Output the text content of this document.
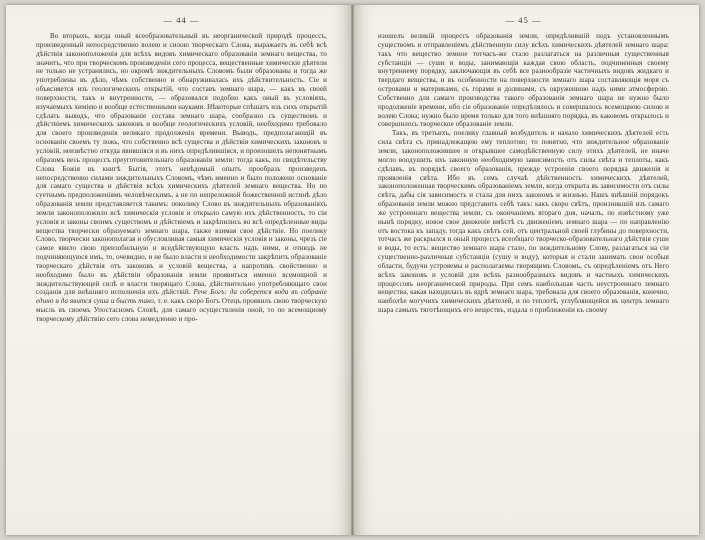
— 44 —

Во вторыхъ, когда оный всеобразовательный въ неорганической природѣ процессъ, произведенный непосредственно волею и силою творческаго Слова, выражаетъ въ себѣ всѣ дѣйствія законоположенія для всѣхъ видовъ химическаго образованія земнаго вещества, то значитъ, что при творческомъ произведеніи сего процесса, вещественные химическіе дѣятели не только не устранялись, но окромѣ зиждительныхъ Словомъ были образованы и тогда же употреблены въ дѣло, чѣмъ собственно и обнаруживалась ихъ дѣйствительность. Сіе и объясняется изъ геологическихъ открытій, что составъ земнаго шара, — какъ въ своей поверхности, такъ и внутренности, — образовался подобно какъ оный въ условіяхъ, изучаемыхъ химіею и вообще естественными науками. Нѣкоторые спѣшатъ изъ сихъ открытій сдѣлать выводъ, что образованіе состава земнаго шара, сообразно съ существомъ и дѣйствіемъ химическихъ законовъ и вообще геологическихъ условій, необходимо требовало для своего произведенія великаго продолженія времени. Выводъ, предполагающій въ основаніи своемъ ту ложь, что собственно всѣ существа и дѣйствія химическихъ законовъ и условій, неизвѣстно откуда явившіяся и въ нихъ опредѣлившіяся, и произошелъ непонятнымъ образомъ весь процессъ преуготовительнаго образованія земли: тогда какъ, по свидѣтельству Слова Божія въ книгѣ Бытія, этотъ невѣдомый опытъ прообразъ произведенъ непосредственно силами зиждительныхъ Словомъ, чѣмъ именно и было положено основаніе для самаго существа и дѣйствія всѣхъ химическихъ дѣятелей земнаго вещества. Но по суетнымъ предположеніямъ человѣческимъ, а не по непреложной божественной истинѣ дѣло образованія земли представляется такимъ: поколику Слово въ зиждительныхъ образованіяхъ земли законоположило всѣ химическія условія и открыло самую ихъ дѣйственность, то сіи условія и законы своимъ существомъ и дѣйствіемъ и закрѣпились во всѣ опредѣленные виды вещества творчески образуемаго земнаго шара, также взимая свое дѣйствіе. Но поелику Слово, творчески законополагая и обусловливая самыя химическія условія и законы, чрезъ сіе самое явило свою преизобильную и вседѣйствующую власть надъ ними, и отнюдь не подчиняющуюся имъ, то, очевидно, и не было власти и необходимости закрѣпить образованіе творческаго дѣйствія отъ законовъ и условій вещества, а напротивъ свойственно и необходимо было въ дѣйствіи образованія земли проявиться именно всемощной и зиждительствующей силѣ и власти творящаго Слова, дѣйствительно употребляющаго свои созданія для внѣшняго исполненія ихъ дѣйствій. Рече Богъ: да соберется вода въ собраніе едино и да явится суша и бысть тако, т. е. какъ скоро Богъ Отецъ проявилъ свою творческую мысль въ своемъ Упостасномъ Словѣ, для самаго осуществленія оной, то по всемощному творческому дѣйствію сего слова немедленно и про-

— 45 —

изошелъ великій процессъ образованія земли, опредѣлившій подъ установленнымъ существомъ и отправленіемъ дѣйственную силу всѣхъ химическихъ дѣятелей земнаго шара: такъ что вещество земное тотчасъ-же стало разлагаться на различныя существенныя субстанціи — суши и воды, занимающія каждая свою область, подчиненныя своему внутреннему порядку, заключающія въ себѣ все разнообразіе частичныхъ видовъ жидкаго и твердаго вещества, и въ особенности на поверхности земнаго шара составляющія моря съ островами и материками, съ горами и долинами, съ окруженною надъ ними атмосферою. Собственно для самаго производства такого образованія земнаго шара не нужно было продолженіе времени, ибо сіе образованіе опредѣлялось и совершалось всемощною силою и волею Слова; нужно было время только для того внѣшняго порядка, въ каковомъ открылось и совершилось творческое образованіе земли.

Такъ, въ третьихъ, поелику главный возбудитель и начало химическихъ дѣятелей есть сила свѣта съ принадлежащею ему теплотою; то понятно, что зиждительное образованіе земли, законоположившее и открывшее самодѣйственную силу этихъ дѣятелей, не иначе могло воодушить ихъ законную необходимую зависимость отъ силы свѣта и теплоты, какъ сдѣлавъ, въ порядкѣ своего образованія, прежде устроенія своего порядка движенія и проявленія свѣта. Ибо въ семъ случаѣ дѣйственность химическихъ дѣятелей, законоположенная творческимъ образованіемъ земли, когда открыта въ зависимости отъ силы свѣта, дабы сія зависимость и стала для нихъ закономъ и жизнью. Нашъ внѣшній порядокъ образованія земли можно представить себѣ такъ: какъ скоро свѣтъ, произникшій изъ самаго же устроеннаго вещества земли, съ окончаніемъ втораго дня, началъ, по извѣстному уже нынѣ порядку, новое свое движеніе вмѣстѣ съ движеніемъ земнаго шара — по направленію отъ востока къ западу, тогда какъ свѣтъ сей, отъ центральной своей глубины до поверхности, тотчасъ же раскрылся и оный процессъ всеобщаго творческо-образовательнаго дѣйствія суши и воды, то есть: вещество земнаго шара стало, по зиждительному Слову, разлагаться на сіи существенно-различныя субстанціи (сушу и воду), которыя и стали занимать свои особыя области, будучи устрояемы и располагаемы творящимъ Словомъ, съ опредѣленіемъ отъ Него всѣхъ законовъ и условій для всѣхъ разнообразныхъ видовъ и частныхъ химическихъ процессовъ неорганической природы. При семъ наибольшая часть неустроеннаго земнаго вещества, какая находилась въ ядрѣ земнаго шара, требовала для своего образованія, конечно, наиболѣе могучихъ химическихъ дѣятелей, и по теплотѣ, углубляющейся въ центръ земнаго шара самыхъ тяготѣющихъ его веществъ, издала о приближеніи къ своему
